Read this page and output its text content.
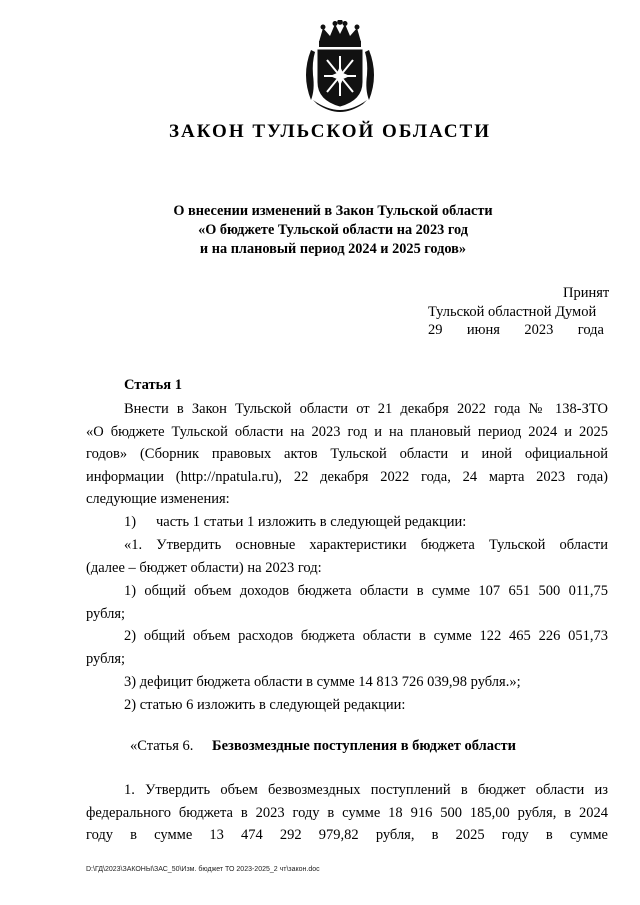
ЗАКОН ТУЛЬСКОЙ ОБЛАСТИ
О внесении изменений в Закон Тульской области
«О бюджете Тульской области на 2023 год
и на плановый период 2024 и 2025 годов»
Принят
Тульской областной Думой
29 июня 2023 года
Статья 1
Внести в Закон Тульской области от 21 декабря 2022 года № 138-ЗТО
«О бюджете Тульской области на 2023 год и на плановый период 2024 и 2025
годов» (Сборник правовых актов Тульской области и иной официальной
информации (http://npatula.ru), 22 декабря 2022 года, 24 марта 2023 года)
следующие изменения:
1) часть 1 статьи 1 изложить в следующей редакции:
«1. Утвердить основные характеристики бюджета Тульской области
(далее – бюджет области) на 2023 год:
1) общий объем доходов бюджета области в сумме 107 651 500 011,75
рубля;
2) общий объем расходов бюджета области в сумме 122 465 226 051,73
рубля;
3) дефицит бюджета области в сумме 14 813 726 039,98 рубля.»;
2) статью 6 изложить в следующей редакции:
«Статья 6. Безвозмездные поступления в бюджет области
1. Утвердить объем безвозмездных поступлений в бюджет области из
федерального бюджета в 2023 году в сумме 18 916 500 185,00 рубля, в 2024
году в сумме 13 474 292 979,82 рубля, в 2025 году в сумме
D:\ГД\2023\ЗАКОНЫ\ЗАС_50\Изм. бюджет ТО 2023-2025_2 чт\закон.doc
